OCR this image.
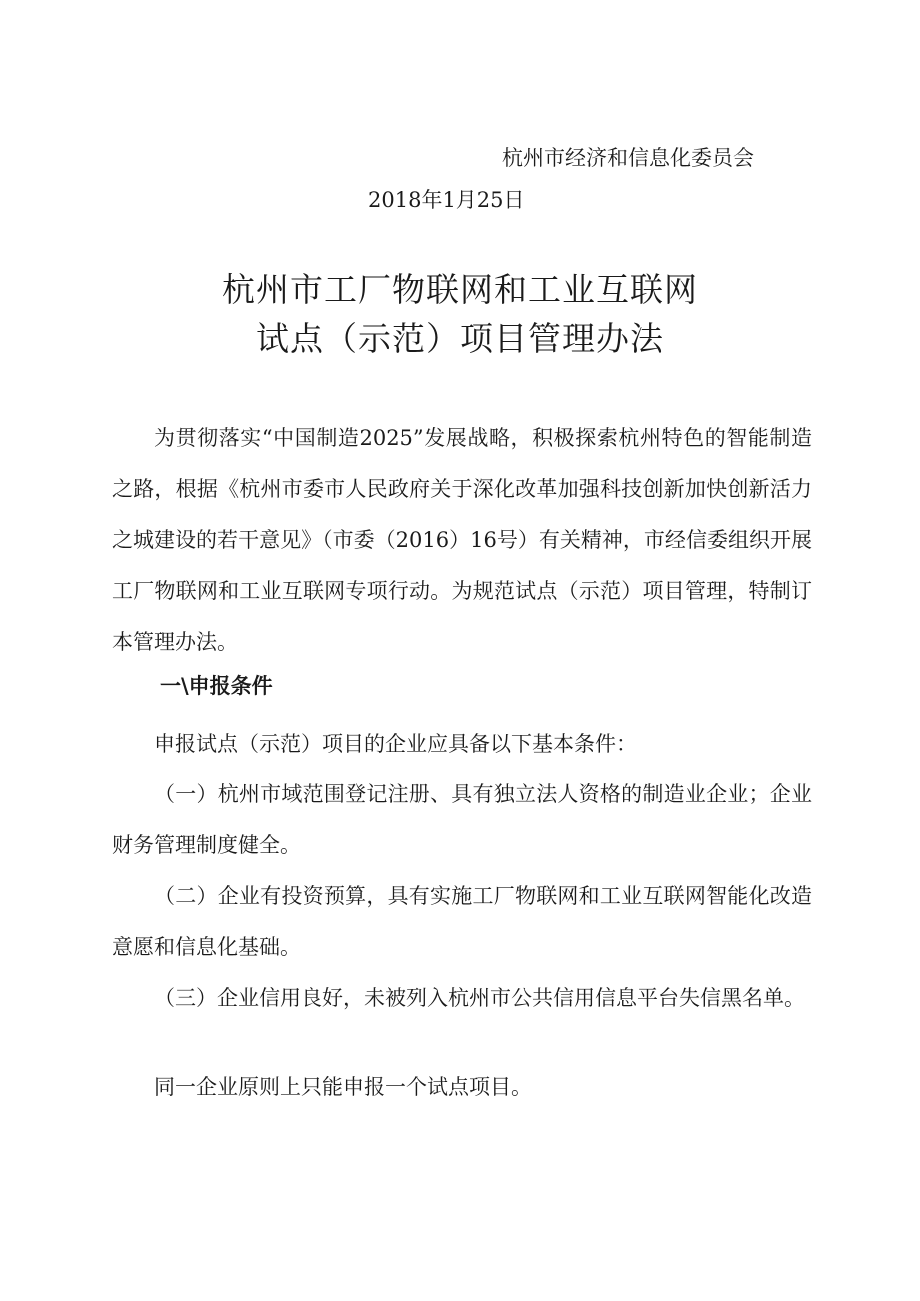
杭州市经济和信息化委员会
2018年1月25日
杭州市工厂物联网和工业互联网
试点（示范）项目管理办法

为贯彻落实“中国制造2025”发展战略，积极探索杭州特色的智能制造之路，根据《杭州市委市人民政府关于深化改革加强科技创新加快创新活力之城建设的若干意见》（市委（2016）16号）有关精神，市经信委组织开展工厂物联网和工业互联网专项行动。为规范试点（示范）项目管理，特制订本管理办法。

一\申报条件

申报试点（示范）项目的企业应具备以下基本条件：

（一）杭州市域范围登记注册、具有独立法人资格的制造业企业；企业财务管理制度健全。

（二）企业有投资预算，具有实施工厂物联网和工业互联网智能化改造意愿和信息化基础。

（三）企业信用良好，未被列入杭州市公共信用信息平台失信黑名单。

同一企业原则上只能申报一个试点项目。
